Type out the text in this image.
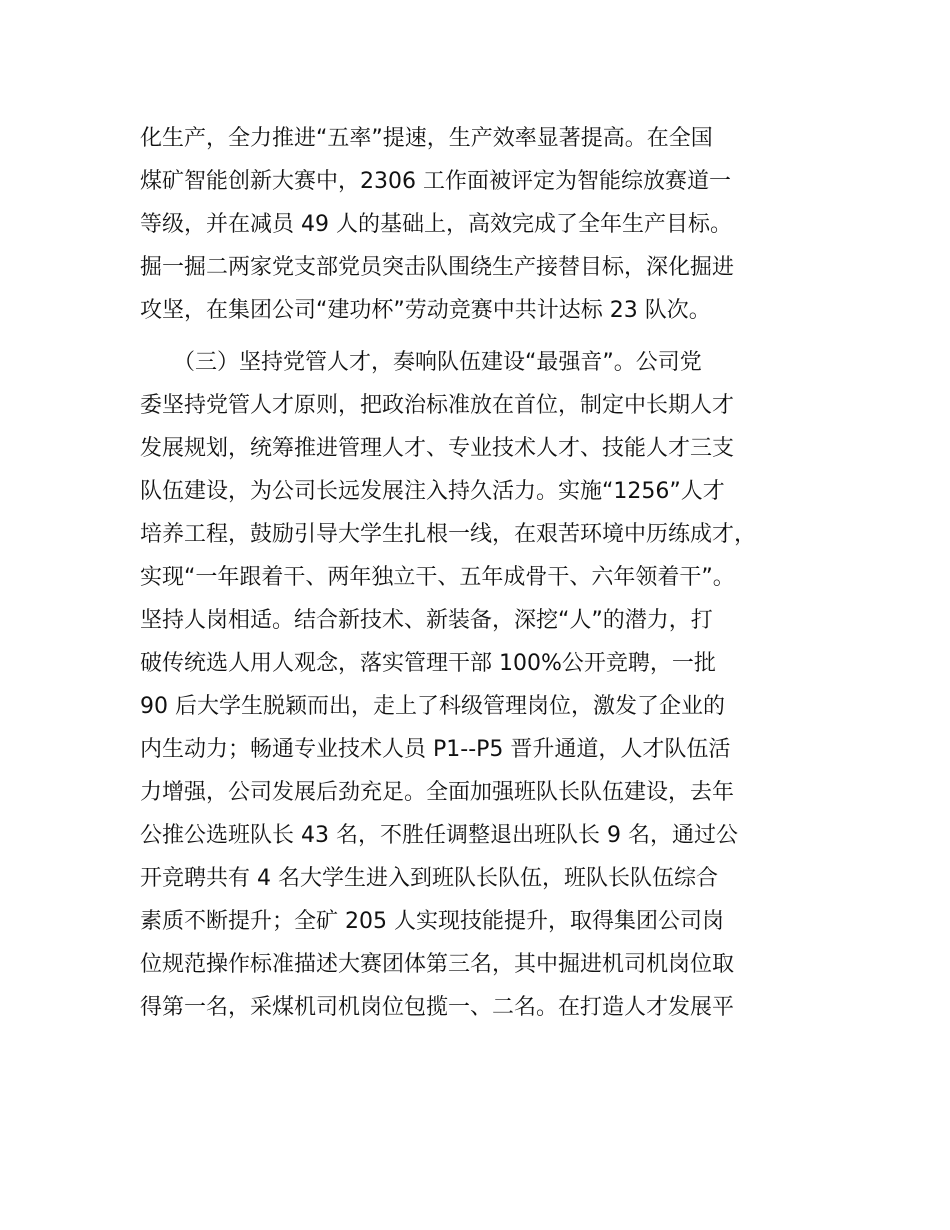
化生产，全力推进“五率”提速，生产效率显著提高。在全国
煤矿智能创新大赛中，2306 工作面被评定为智能综放赛道一
等级，并在减员 49 人的基础上，高效完成了全年生产目标。
掘一掘二两家党支部党员突击队围绕生产接替目标，深化掘进
攻坚，在集团公司“建功杯”劳动竞赛中共计达标 23 队次。
　　（三）坚持党管人才，奏响队伍建设“最强音”。公司党
委坚持党管人才原则，把政治标准放在首位，制定中长期人才
发展规划，统筹推进管理人才、专业技术人才、技能人才三支
队伍建设，为公司长远发展注入持久活力。实施“1256”人才
培养工程，鼓励引导大学生扎根一线，在艰苦环境中历练成才，
实现“一年跟着干、两年独立干、五年成骨干、六年领着干”。
坚持人岗相适。结合新技术、新装备，深挖“人”的潜力，打
破传统选人用人观念，落实管理干部 100%公开竞聘，一批
90 后大学生脱颖而出，走上了科级管理岗位，激发了企业的
内生动力；畅通专业技术人员 P1--P5 晋升通道，人才队伍活
力增强，公司发展后劲充足。全面加强班队长队伍建设，去年
公推公选班队长 43 名，不胜任调整退出班队长 9 名，通过公
开竞聘共有 4 名大学生进入到班队长队伍，班队长队伍综合
素质不断提升；全矿 205 人实现技能提升，取得集团公司岗
位规范操作标准描述大赛团体第三名，其中掘进机司机岗位取
得第一名，采煤机司机岗位包揽一、二名。在打造人才发展平
